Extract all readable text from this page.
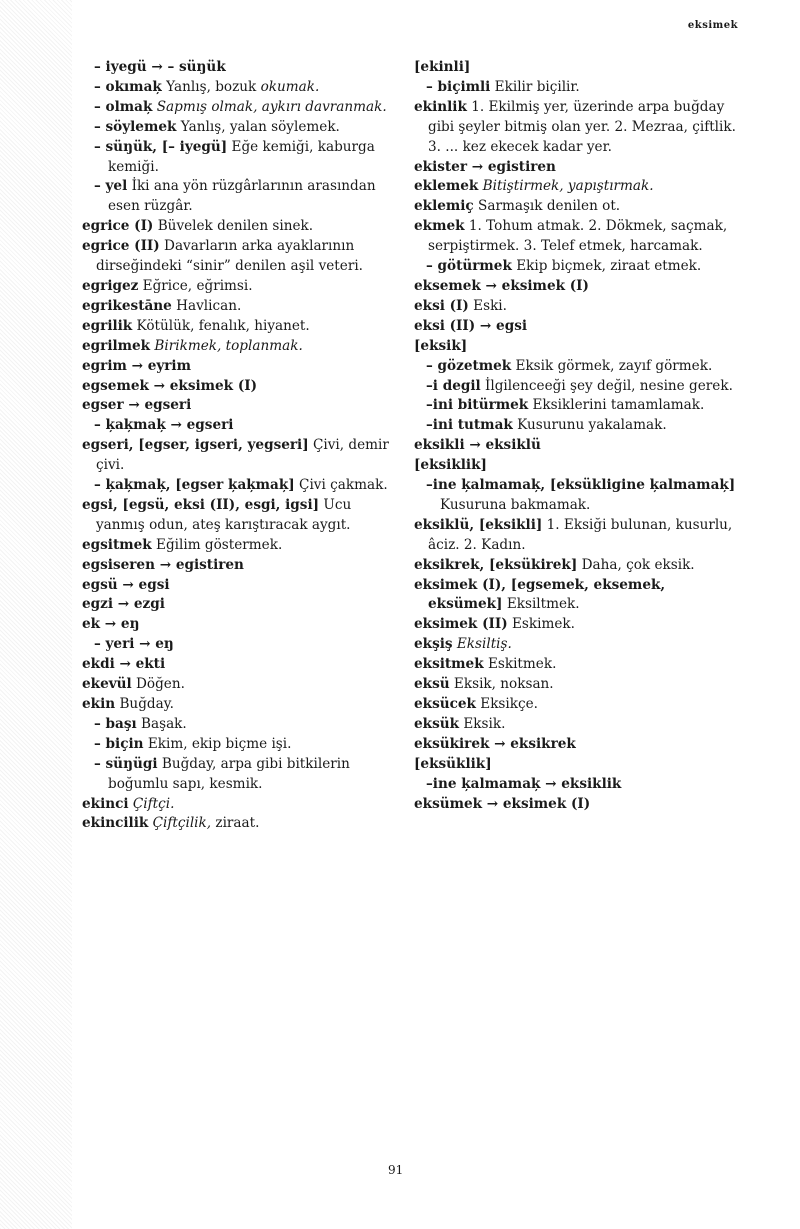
eksimek

– iyegü → – süŋük

– okımaķ Yanlış, bozuk okumak.

– olmaķ Sapmış olmak, aykırı davranmak.

– söylemek Yanlış, yalan söylemek.

– süŋük, [– iyegü] Eğe kemiği, kaburga kemiği.

– yel İki ana yön rüzgârlarının arasından esen rüzgâr.

egrice (I) Büvelek denilen sinek.

egrice (II) Davarların arka ayaklarının dirseğindeki “sinir” denilen aşil veteri.

egrigez Eğrice, eğrimsi.

egrikestāne Havlican.

egrilik Kötülük, fenalık, hiyanet.

egrilmek Birikmek, toplanmak.

egrim → eyrim

egsemek → eksimek (I)

egser → egseri

– ķaķmaķ → egseri

egseri, [egser, igseri, yegseri] Çivi, demir çivi.

– ķaķmaķ, [egser ķaķmaķ] Çivi çakmak.

egsi, [egsü, eksi (II), esgi, igsi] Ucu yanmış odun, ateş karıştıracak aygıt.

egsitmek Eğilim göstermek.

egsiseren → egistiren

egsü → egsi

egzi → ezgi

ek → eŋ

– yeri → eŋ

ekdi → ekti

ekevül Döğen.

ekin Buğday.

– başı Başak.

– biçin Ekim, ekip biçme işi.

– süŋügi Buğday, arpa gibi bitkilerin boğumlu sapı, kesmik.

ekinci Çiftçi.

ekincilik Çiftçilik, ziraat.

[ekinli]

– biçimli Ekilir biçilir.

ekinlik 1. Ekilmiş yer, üzerinde arpa buğday gibi şeyler bitmiş olan yer. 2. Mezraa, çiftlik. 3. ... kez ekecek kadar yer.

ekister → egistiren

eklemek Bitiştirmek, yapıştırmak.

eklemiç Sarmaşık denilen ot.

ekmek 1. Tohum atmak. 2. Dökmek, saçmak, serpiştirmek. 3. Telef etmek, harcamak.

– götürmek Ekip biçmek, ziraat etmek.

eksemek → eksimek (I)

eksi (I) Eski.

eksi (II) → egsi

[eksik]

– gözetmek Eksik görmek, zayıf görmek.

–i degil İlgilenceeği şey değil, nesine gerek.

–ini bitürmek Eksiklerini tamamlamak.

–ini tutmak Kusurunu yakalamak.

eksikli → eksiklü

[eksiklik]

–ine ķalmamaķ, [eksükligine ķalmamaķ] Kusuruna bakmamak.

eksiklü, [eksikli] 1. Eksiği bulunan, kusurlu, âciz. 2. Kadın.

eksikrek, [eksükirek] Daha, çok eksik.

eksimek (I), [egsemek, eksemek, eksümek] Eksiltmek.

eksimek (II) Eskimek.

ekşiş Eksiltiş.

eksitmek Eskitmek.

eksü Eksik, noksan.

eksücek Eksikçe.

eksük Eksik.

eksükirek → eksikrek

[eksüklik]

–ine ķalmamaķ → eksiklik

eksümek → eksimek (I)

91
